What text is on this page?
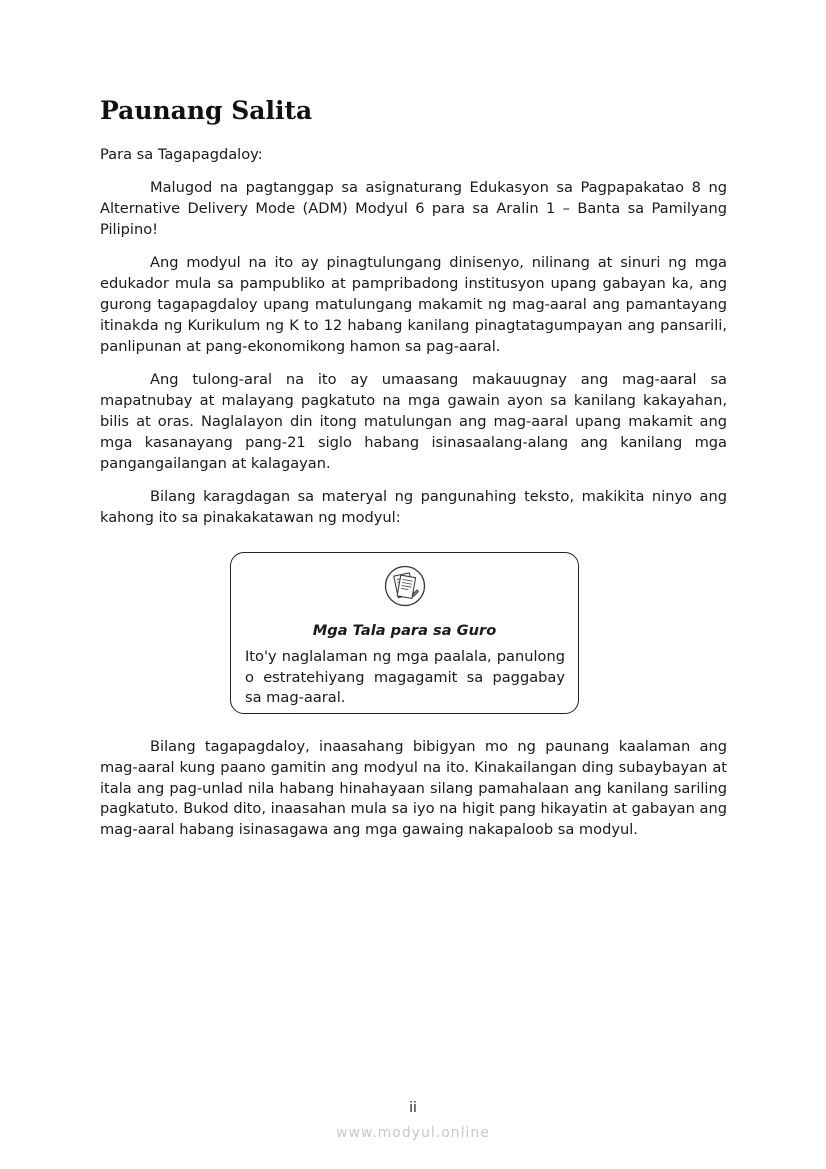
Paunang Salita

Para sa Tagapagdaloy:

Malugod na pagtanggap sa asignaturang Edukasyon sa Pagpapakatao 8 ng Alternative Delivery Mode (ADM) Modyul 6 para sa Aralin 1 – Banta sa Pamilyang Pilipino!

Ang modyul na ito ay pinagtulungang dinisenyo, nilinang at sinuri ng mga edukador mula sa pampubliko at pampribadong institusyon upang gabayan ka, ang gurong tagapagdaloy upang matulungang makamit ng mag-aaral ang pamantayang itinakda ng Kurikulum ng K to 12 habang kanilang pinagtatagumpayan ang pansarili, panlipunan at pang-ekonomikong hamon sa pag-aaral.

Ang tulong-aral na ito ay umaasang makauugnay ang mag-aaral sa mapatnubay at malayang pagkatuto na mga gawain ayon sa kanilang kakayahan, bilis at oras. Naglalayon din itong matulungan ang mag-aaral upang makamit ang mga kasanayang pang-21 siglo habang isinasaalang-alang ang kanilang mga pangangailangan at kalagayan.

Bilang karagdagan sa materyal ng pangunahing teksto, makikita ninyo ang kahong ito sa pinakakatawan ng modyul:

Mga Tala para sa Guro
Ito'y naglalaman ng mga paalala, panulong o estratehiyang magagamit sa paggabay sa mag-aaral.

Bilang tagapagdaloy, inaasahang bibigyan mo ng paunang kaalaman ang mag-aaral kung paano gamitin ang modyul na ito. Kinakailangan ding subaybayan at itala ang pag-unlad nila habang hinahayaan silang pamahalaan ang kanilang sariling pagkatuto. Bukod dito, inaasahan mula sa iyo na higit pang hikayatin at gabayan ang mag-aaral habang isinasagawa ang mga gawaing nakapaloob sa modyul.

ii
www.modyul.online
